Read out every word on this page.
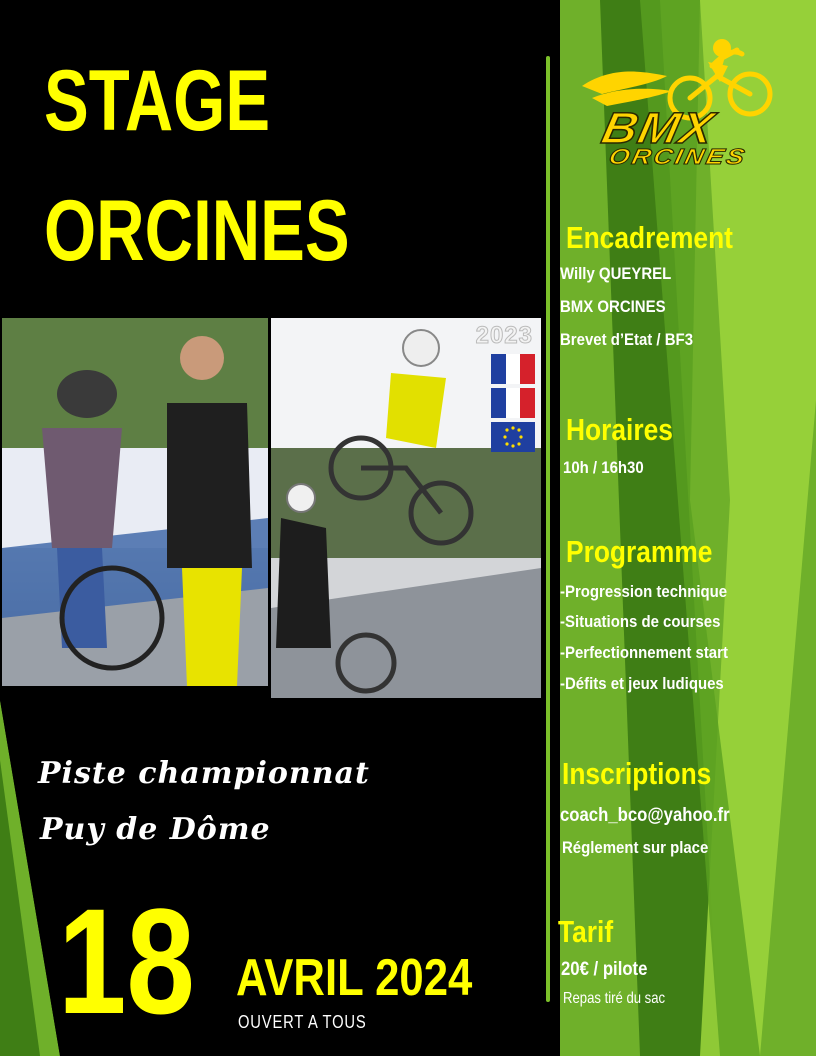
STAGE
ORCINES
BMX
ORCINES
2023
Piste championnat
Puy de Dôme
18 AVRIL 2024
OUVERT A TOUS
Encadrement
Willy QUEYREL
BMX ORCINES
Brevet d’Etat / BF3
Horaires
10h / 16h30
Programme
-Progression technique
-Situations de courses
-Perfectionnement start
-Défits et jeux ludiques
Inscriptions
coach_bco@yahoo.fr
Réglement sur place
Tarif
20€ / pilote
Repas tiré du sac
